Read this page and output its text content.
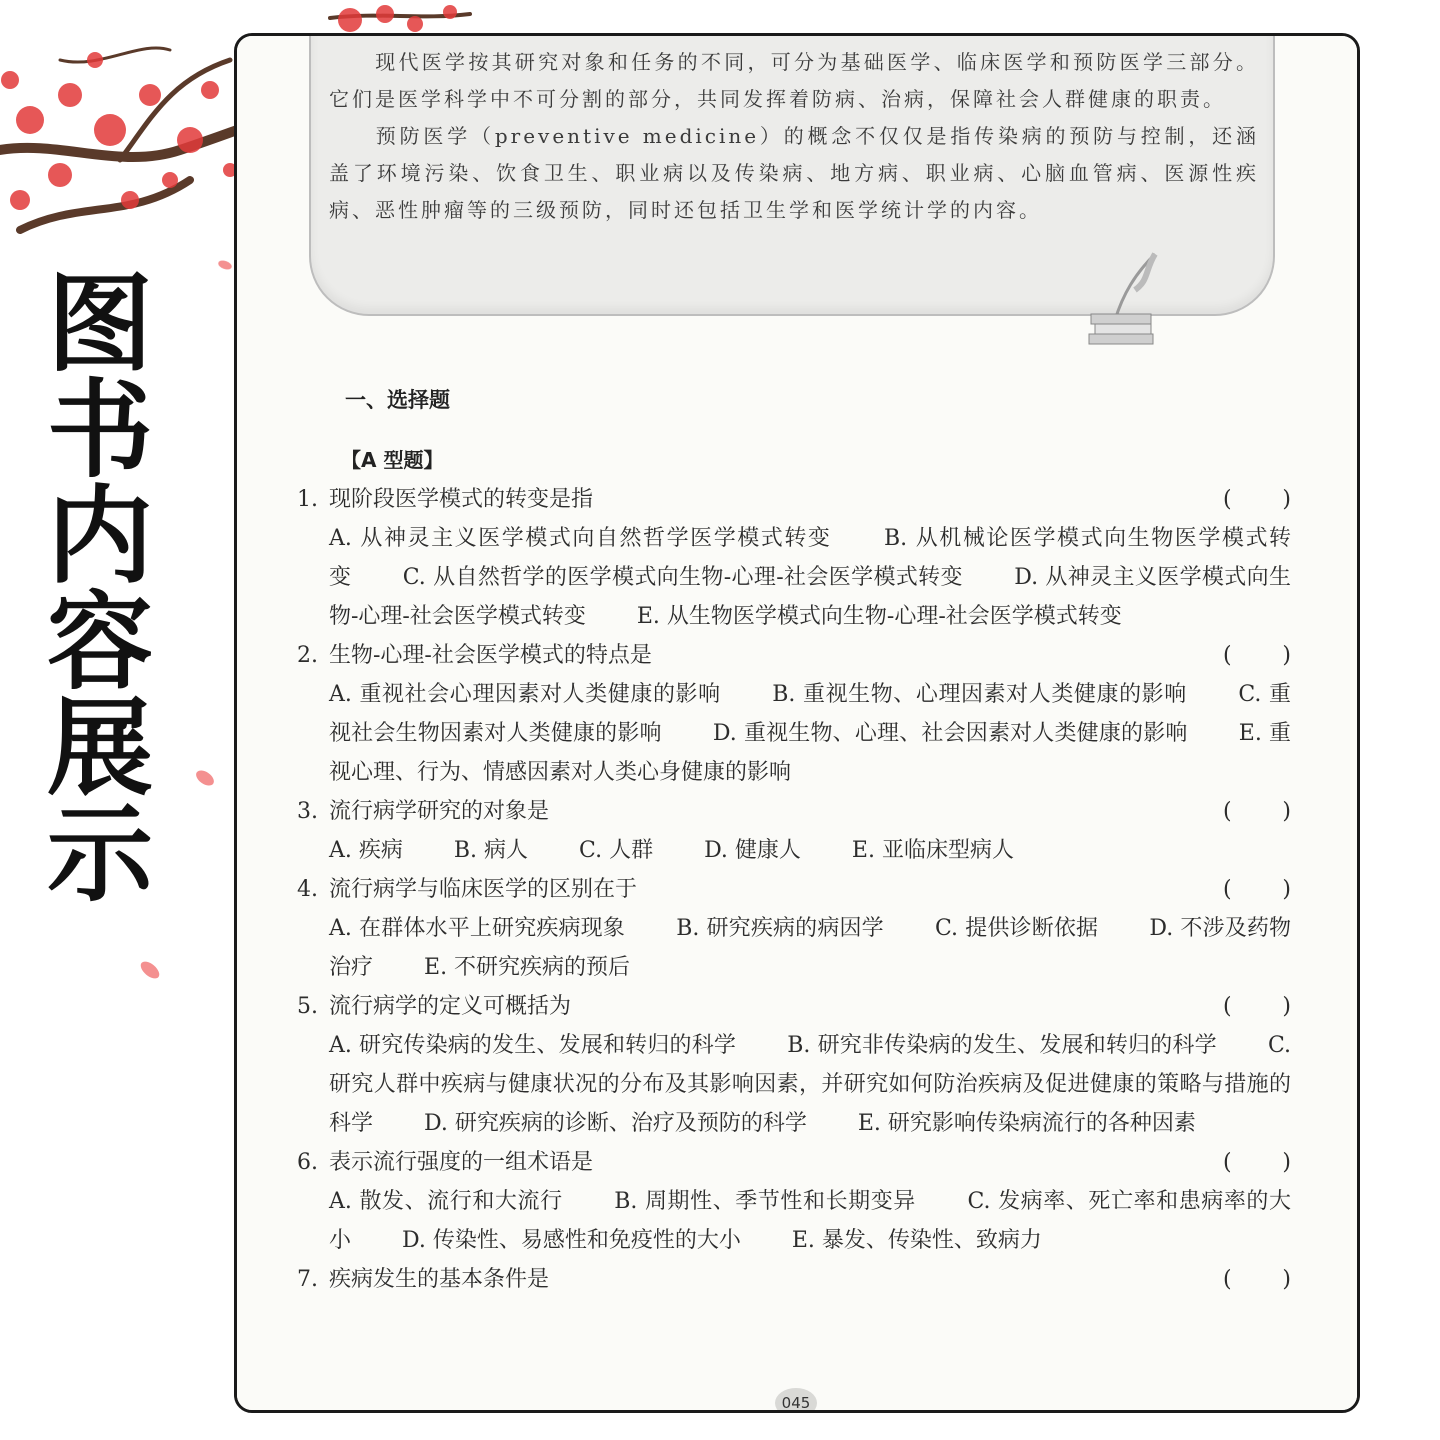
图
书
内
容
展
示

现代医学按其研究对象和任务的不同，可分为基础医学、临床医学和预防医学三部分。它们是医学科学中不可分割的部分，共同发挥着防病、治病，保障社会人群健康的职责。

预防医学（preventive medicine）的概念不仅仅是指传染病的预防与控制，还涵盖了环境污染、饮食卫生、职业病以及传染病、地方病、职业病、心脑血管病、医源性疾病、恶性肿瘤等的三级预防，同时还包括卫生学和医学统计学的内容。

一、选择题
【A 型题】
1. 现阶段医学模式的转变是指	( )
A. 从神灵主义医学模式向自然哲学医学模式转变 B. 从机械论医学模式向生物医学模式转变 C. 从自然哲学的医学模式向生物-心理-社会医学模式转变 D. 从神灵主义医学模式向生物-心理-社会医学模式转变 E. 从生物医学模式向生物-心理-社会医学模式转变
2. 生物-心理-社会医学模式的特点是	( )
A. 重视社会心理因素对人类健康的影响 B. 重视生物、心理因素对人类健康的影响 C. 重视社会生物因素对人类健康的影响 D. 重视生物、心理、社会因素对人类健康的影响 E. 重视心理、行为、情感因素对人类心身健康的影响
3. 流行病学研究的对象是	( )
A. 疾病 B. 病人 C. 人群 D. 健康人 E. 亚临床型病人
4. 流行病学与临床医学的区别在于	( )
A. 在群体水平上研究疾病现象 B. 研究疾病的病因学 C. 提供诊断依据 D. 不涉及药物治疗 E. 不研究疾病的预后
5. 流行病学的定义可概括为	( )
A. 研究传染病的发生、发展和转归的科学 B. 研究非传染病的发生、发展和转归的科学 C. 研究人群中疾病与健康状况的分布及其影响因素，并研究如何防治疾病及促进健康的策略与措施的科学 D. 研究疾病的诊断、治疗及预防的科学 E. 研究影响传染病流行的各种因素
6. 表示流行强度的一组术语是	( )
A. 散发、流行和大流行 B. 周期性、季节性和长期变异 C. 发病率、死亡率和患病率的大小 D. 传染性、易感性和免疫性的大小 E. 暴发、传染性、致病力
7. 疾病发生的基本条件是	( )
045
